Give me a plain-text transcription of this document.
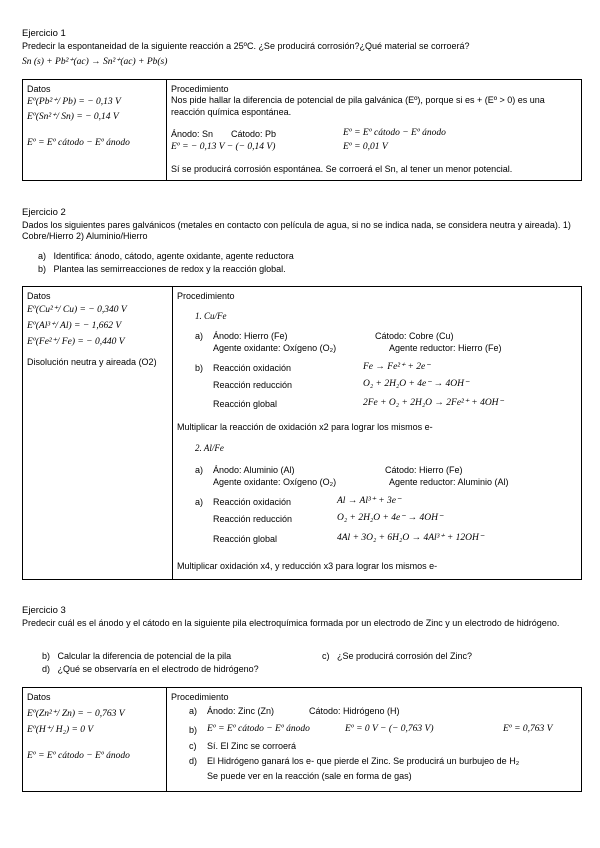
Ejercicio 1
Predecir la espontaneidad de la siguiente reacción a 25ºC. ¿Se producirá corrosión?¿Qué material se corroerá?
Sn (s) + Pb²⁺(ac) → Sn²⁺(ac) + Pb(s)
Datos
Eº(Pb²⁺/ Pb) = − 0,13 V
Eº(Sn²⁺/ Sn) = − 0,14 V
Eº = Eº cátodo − Eº ánodo
Procedimiento
Nos pide hallar la diferencia de potencial de pila galvánica (Eº), porque si es + (Eº > 0) es una reacción química espontánea.
Ánodo: Sn Cátodo: Pb	Eº = Eº cátodo − Eº ánodo
Eº = − 0,13 V − (− 0,14 V)	Eº = 0,01 V
Sí se producirá corrosión espontánea. Se corroerá el Sn, al tener un menor potencial.
Ejercicio 2
Dados los siguientes pares galvánicos (metales en contacto con película de agua, si no se indica nada, se considera neutra y aireada). 1) Cobre/Hierro 2) Aluminio/Hierro
a)   Identifica: ánodo, cátodo, agente oxidante, agente reductora
b)   Plantea las semirreacciones de redox y la reacción global.
Datos
Eº(Cu²⁺/ Cu) = − 0,340 V
Eº(Al³⁺/ Al) = − 1,662 V
Eº(Fe²⁺/ Fe) = − 0,440 V
Disolución neutra y aireada (O2)
Procedimiento
1. Cu/Fe
a) Ánodo: Hierro (Fe)	Cátodo: Cobre (Cu)
Agente oxidante: Oxígeno (O₂)	Agente reductor: Hierro (Fe)
b) Reacción oxidación	Fe → Fe²⁺ + 2e⁻
Reacción reducción	O₂ + 2H₂O + 4e⁻ → 4OH⁻
Reacción global	2Fe + O₂ + 2H₂O → 2Fe²⁺ + 4OH⁻
Multiplicar la reacción de oxidación x2 para lograr los mismos e-
2. Al/Fe
a) Ánodo: Aluminio (Al)	Cátodo: Hierro (Fe)
Agente oxidante: Oxígeno (O₂)	Agente reductor: Aluminio (Al)
a) Reacción oxidación	Al → Al³⁺ + 3e⁻
Reacción reducción	O₂ + 2H₂O + 4e⁻ → 4OH⁻
Reacción global	4Al + 3O₂ + 6H₂O → 4Al³⁺ + 12OH⁻
Multiplicar oxidación x4, y reducción x3 para lograr los mismos e-
Ejercicio 3
Predecir cuál es el ánodo y el cátodo en la siguiente pila electroquímica formada por un electrodo de Zinc y un electrodo de hidrógeno.
b)   Calcular la diferencia de potencial de la pila	c)   ¿Se producirá corrosión del Zinc?
d)   ¿Qué se observaría en el electrodo de hidrógeno?
Datos
Eº(Zn²⁺/ Zn) = − 0,763 V
Eº(H⁺/ H₂) = 0 V
Eº = Eº cátodo − Eº ánodo
Procedimiento
a) Ánodo: Zinc (Zn)	Cátodo: Hidrógeno (H)
b) Eº = Eº cátodo − Eº ánodo	Eº = 0 V − (− 0,763 V)	Eº = 0,763 V
c) Sí. El Zinc se corroerá
d) El Hidrógeno ganará los e- que pierde el Zinc. Se producirá un burbujeo de H₂
Se puede ver en la reacción (sale en forma de gas)
